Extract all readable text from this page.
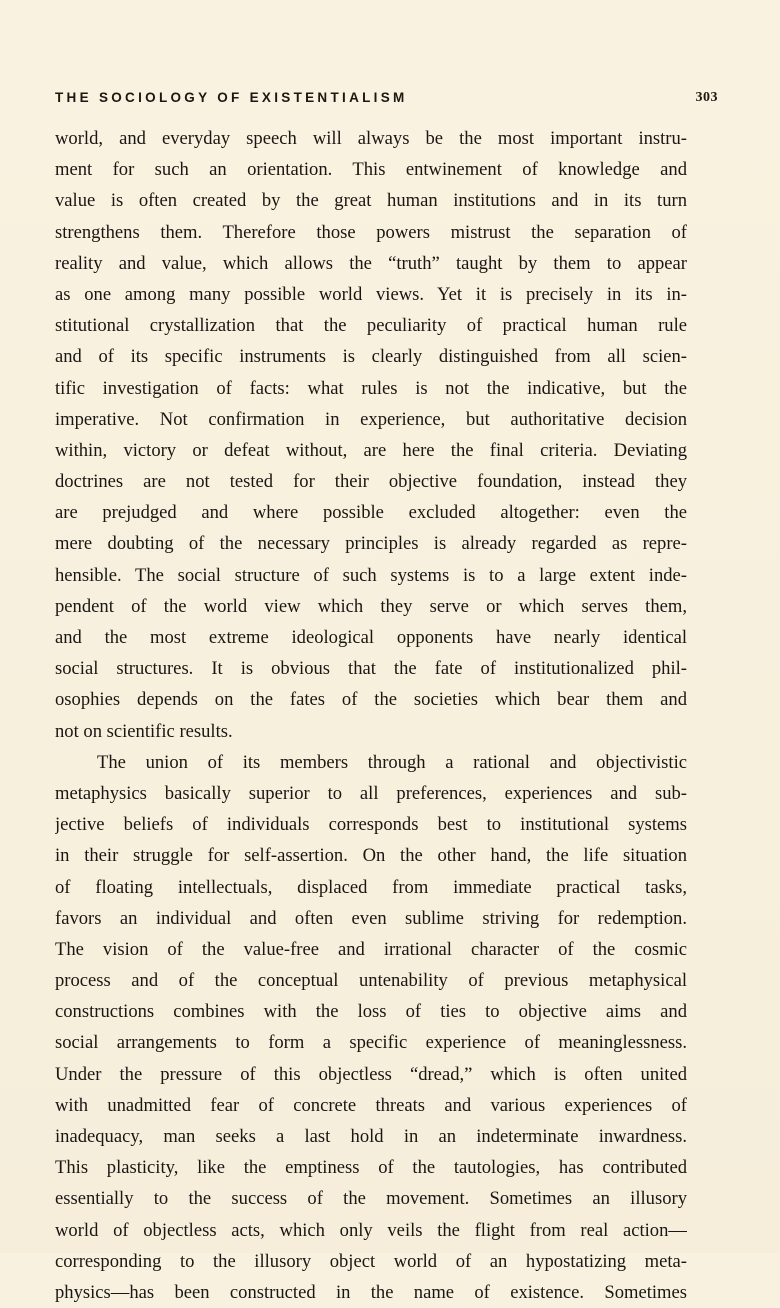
THE SOCIOLOGY OF EXISTENTIALISM	303
world, and everyday speech will always be the most important instru-
ment for such an orientation. This entwinement of knowledge and
value is often created by the great human institutions and in its turn
strengthens them. Therefore those powers mistrust the separation of
reality and value, which allows the “truth” taught by them to appear
as one among many possible world views. Yet it is precisely in its in-
stitutional crystallization that the peculiarity of practical human rule
and of its specific instruments is clearly distinguished from all scien-
tific investigation of facts: what rules is not the indicative, but the
imperative. Not confirmation in experience, but authoritative decision
within, victory or defeat without, are here the final criteria. Deviating
doctrines are not tested for their objective foundation, instead they
are prejudged and where possible excluded altogether: even the
mere doubting of the necessary principles is already regarded as repre-
hensible. The social structure of such systems is to a large extent inde-
pendent of the world view which they serve or which serves them,
and the most extreme ideological opponents have nearly identical
social structures. It is obvious that the fate of institutionalized phil-
osophies depends on the fates of the societies which bear them and
not on scientific results.
The union of its members through a rational and objectivistic
metaphysics basically superior to all preferences, experiences and sub-
jective beliefs of individuals corresponds best to institutional systems
in their struggle for self-assertion. On the other hand, the life situation
of floating intellectuals, displaced from immediate practical tasks,
favors an individual and often even sublime striving for redemption.
The vision of the value-free and irrational character of the cosmic
process and of the conceptual untenability of previous metaphysical
constructions combines with the loss of ties to objective aims and
social arrangements to form a specific experience of meaninglessness.
Under the pressure of this objectless “dread,” which is often united
with unadmitted fear of concrete threats and various experiences of
inadequacy, man seeks a last hold in an indeterminate inwardness.
This plasticity, like the emptiness of the tautologies, has contributed
essentially to the success of the movement. Sometimes an illusory
world of objectless acts, which only veils the flight from real action—
corresponding to the illusory object world of an hypostatizing meta-
physics—has been constructed in the name of existence. Sometimes
